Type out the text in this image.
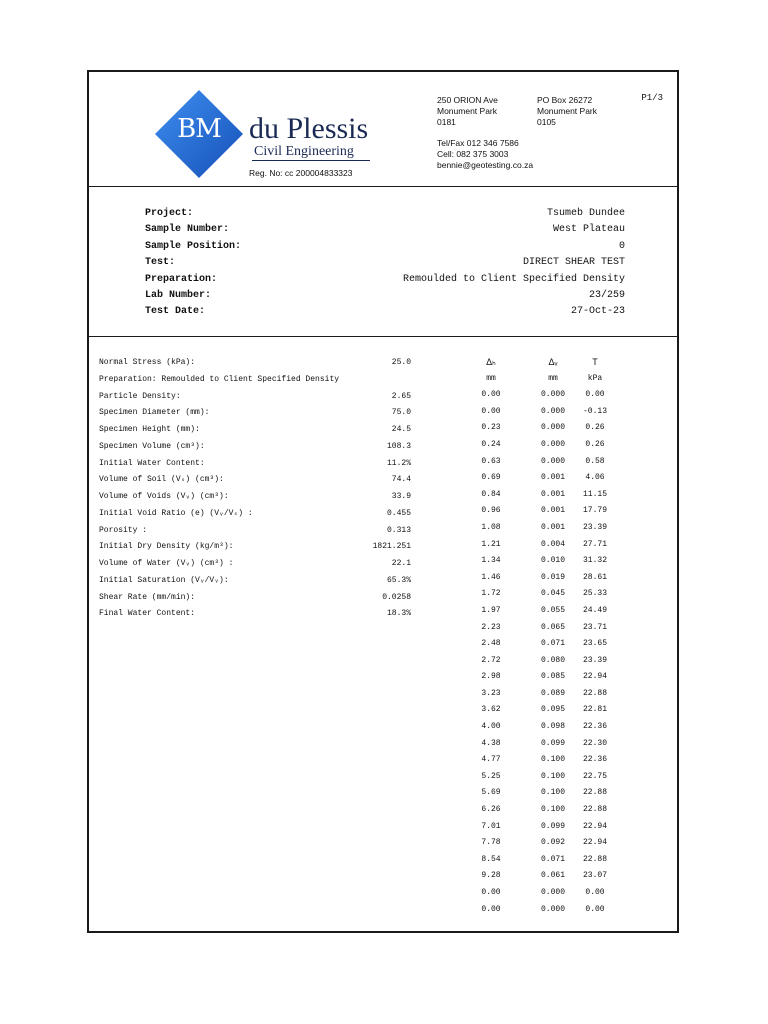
BM du Plessis
Civil Engineering
Reg. No: cc 200004833323
250 ORION Ave
Monument Park
0181
PO Box 26272
Monument Park
0105
Tel/Fax 012 346 7586
Cell: 082 375 3003
bennie@geotesting.co.za
P1/3
Project:	Tsumeb Dundee
Sample Number:	West Plateau
Sample Position:	0
Test:	DIRECT SHEAR TEST
Preparation:	Remoulded to Client Specified Density
Lab Number:	23/259
Test Date:	27-Oct-23
Normal Stress (kPa):	25.0
Preparation: Remoulded to Client Specified Density
Particle Density:	2.65
Specimen Diameter (mm):	75.0
Specimen Height (mm):	24.5
Specimen Volume (cm³):	108.3
Initial Water Content:	11.2%
Volume of Soil (Vₛ) (cm³):	74.4
Volume of Voids (Vᵥ) (cm³):	33.9
Initial Void Ratio (e) (Vᵥ/Vₛ) :	0.455
Porosity :	0.313
Initial Dry Density (kg/m³):	1821.251
Volume of Water (Vᵥ) (cm³) :	22.1
Initial Saturation (Vᵥ/Vᵥ):	65.3%
Shear Rate (mm/min):	0.0258
Final Water Content:	18.3%
Δₕ	Δᵥ	T
mm	mm	kPa
0.00	0.000	0.00
0.00	0.000	-0.13
0.23	0.000	0.26
0.24	0.000	0.26
0.63	0.000	0.58
0.69	0.001	4.06
0.84	0.001	11.15
0.96	0.001	17.79
1.08	0.001	23.39
1.21	0.004	27.71
1.34	0.010	31.32
1.46	0.019	28.61
1.72	0.045	25.33
1.97	0.055	24.49
2.23	0.065	23.71
2.48	0.071	23.65
2.72	0.080	23.39
2.98	0.085	22.94
3.23	0.089	22.88
3.62	0.095	22.81
4.00	0.098	22.36
4.38	0.099	22.30
4.77	0.100	22.36
5.25	0.100	22.75
5.69	0.100	22.88
6.26	0.100	22.88
7.01	0.099	22.94
7.78	0.092	22.94
8.54	0.071	22.88
9.28	0.061	23.07
0.00	0.000	0.00
0.00	0.000	0.00
